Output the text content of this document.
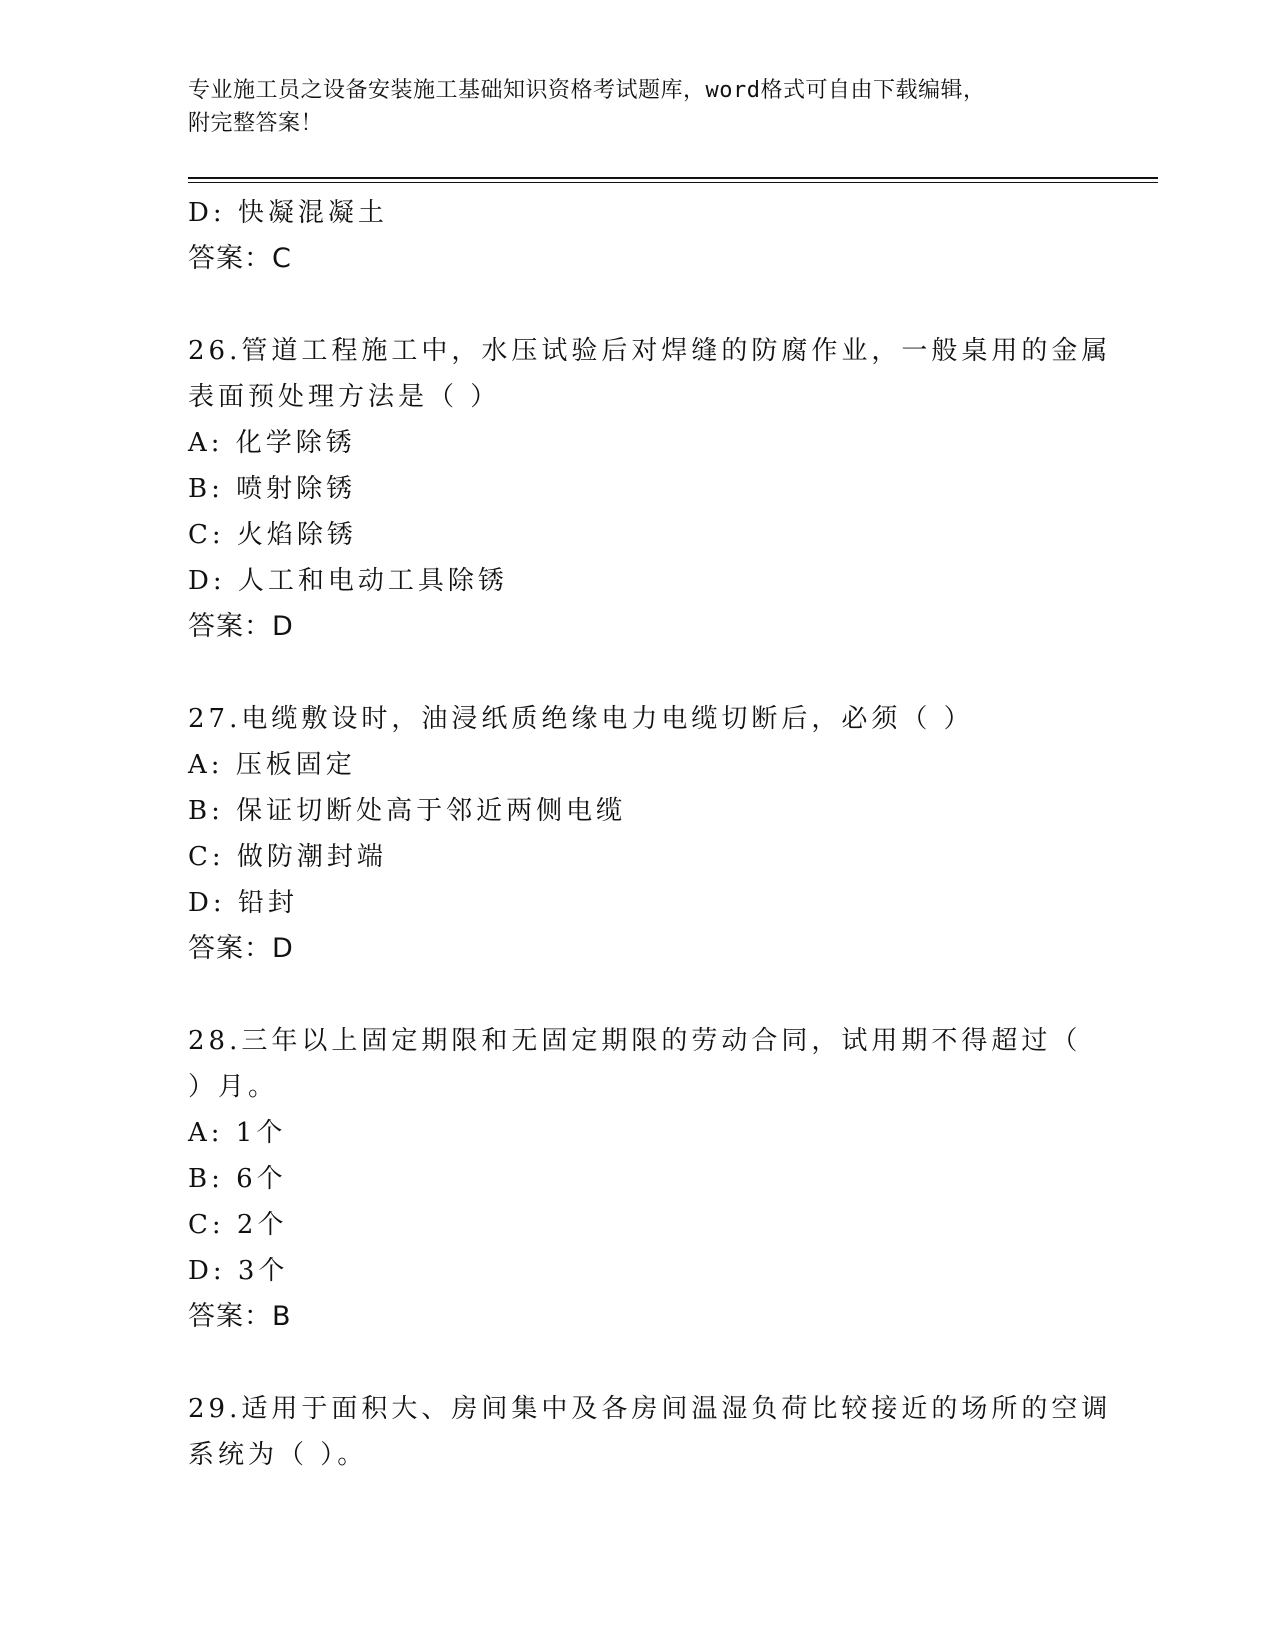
专业施工员之设备安装施工基础知识资格考试题库，word格式可自由下载编辑，
附完整答案！
D: 快凝混凝土
答案：C
26.管道工程施工中，水压试验后对焊缝的防腐作业，一般桌用的金属
表面预处理方法是（ ）
A: 化学除锈
B: 喷射除锈
C: 火焰除锈
D: 人工和电动工具除锈
答案：D
27.电缆敷设时，油浸纸质绝缘电力电缆切断后，必须（ ）
A: 压板固定
B: 保证切断处高于邻近两侧电缆
C: 做防潮封端
D: 铅封
答案：D
28.三年以上固定期限和无固定期限的劳动合同，试用期不得超过（
）月。
A: 1个
B: 6个
C: 2个
D: 3个
答案：B
29.适用于面积大、房间集中及各房间温湿负荷比较接近的场所的空调
系统为（ ）。
